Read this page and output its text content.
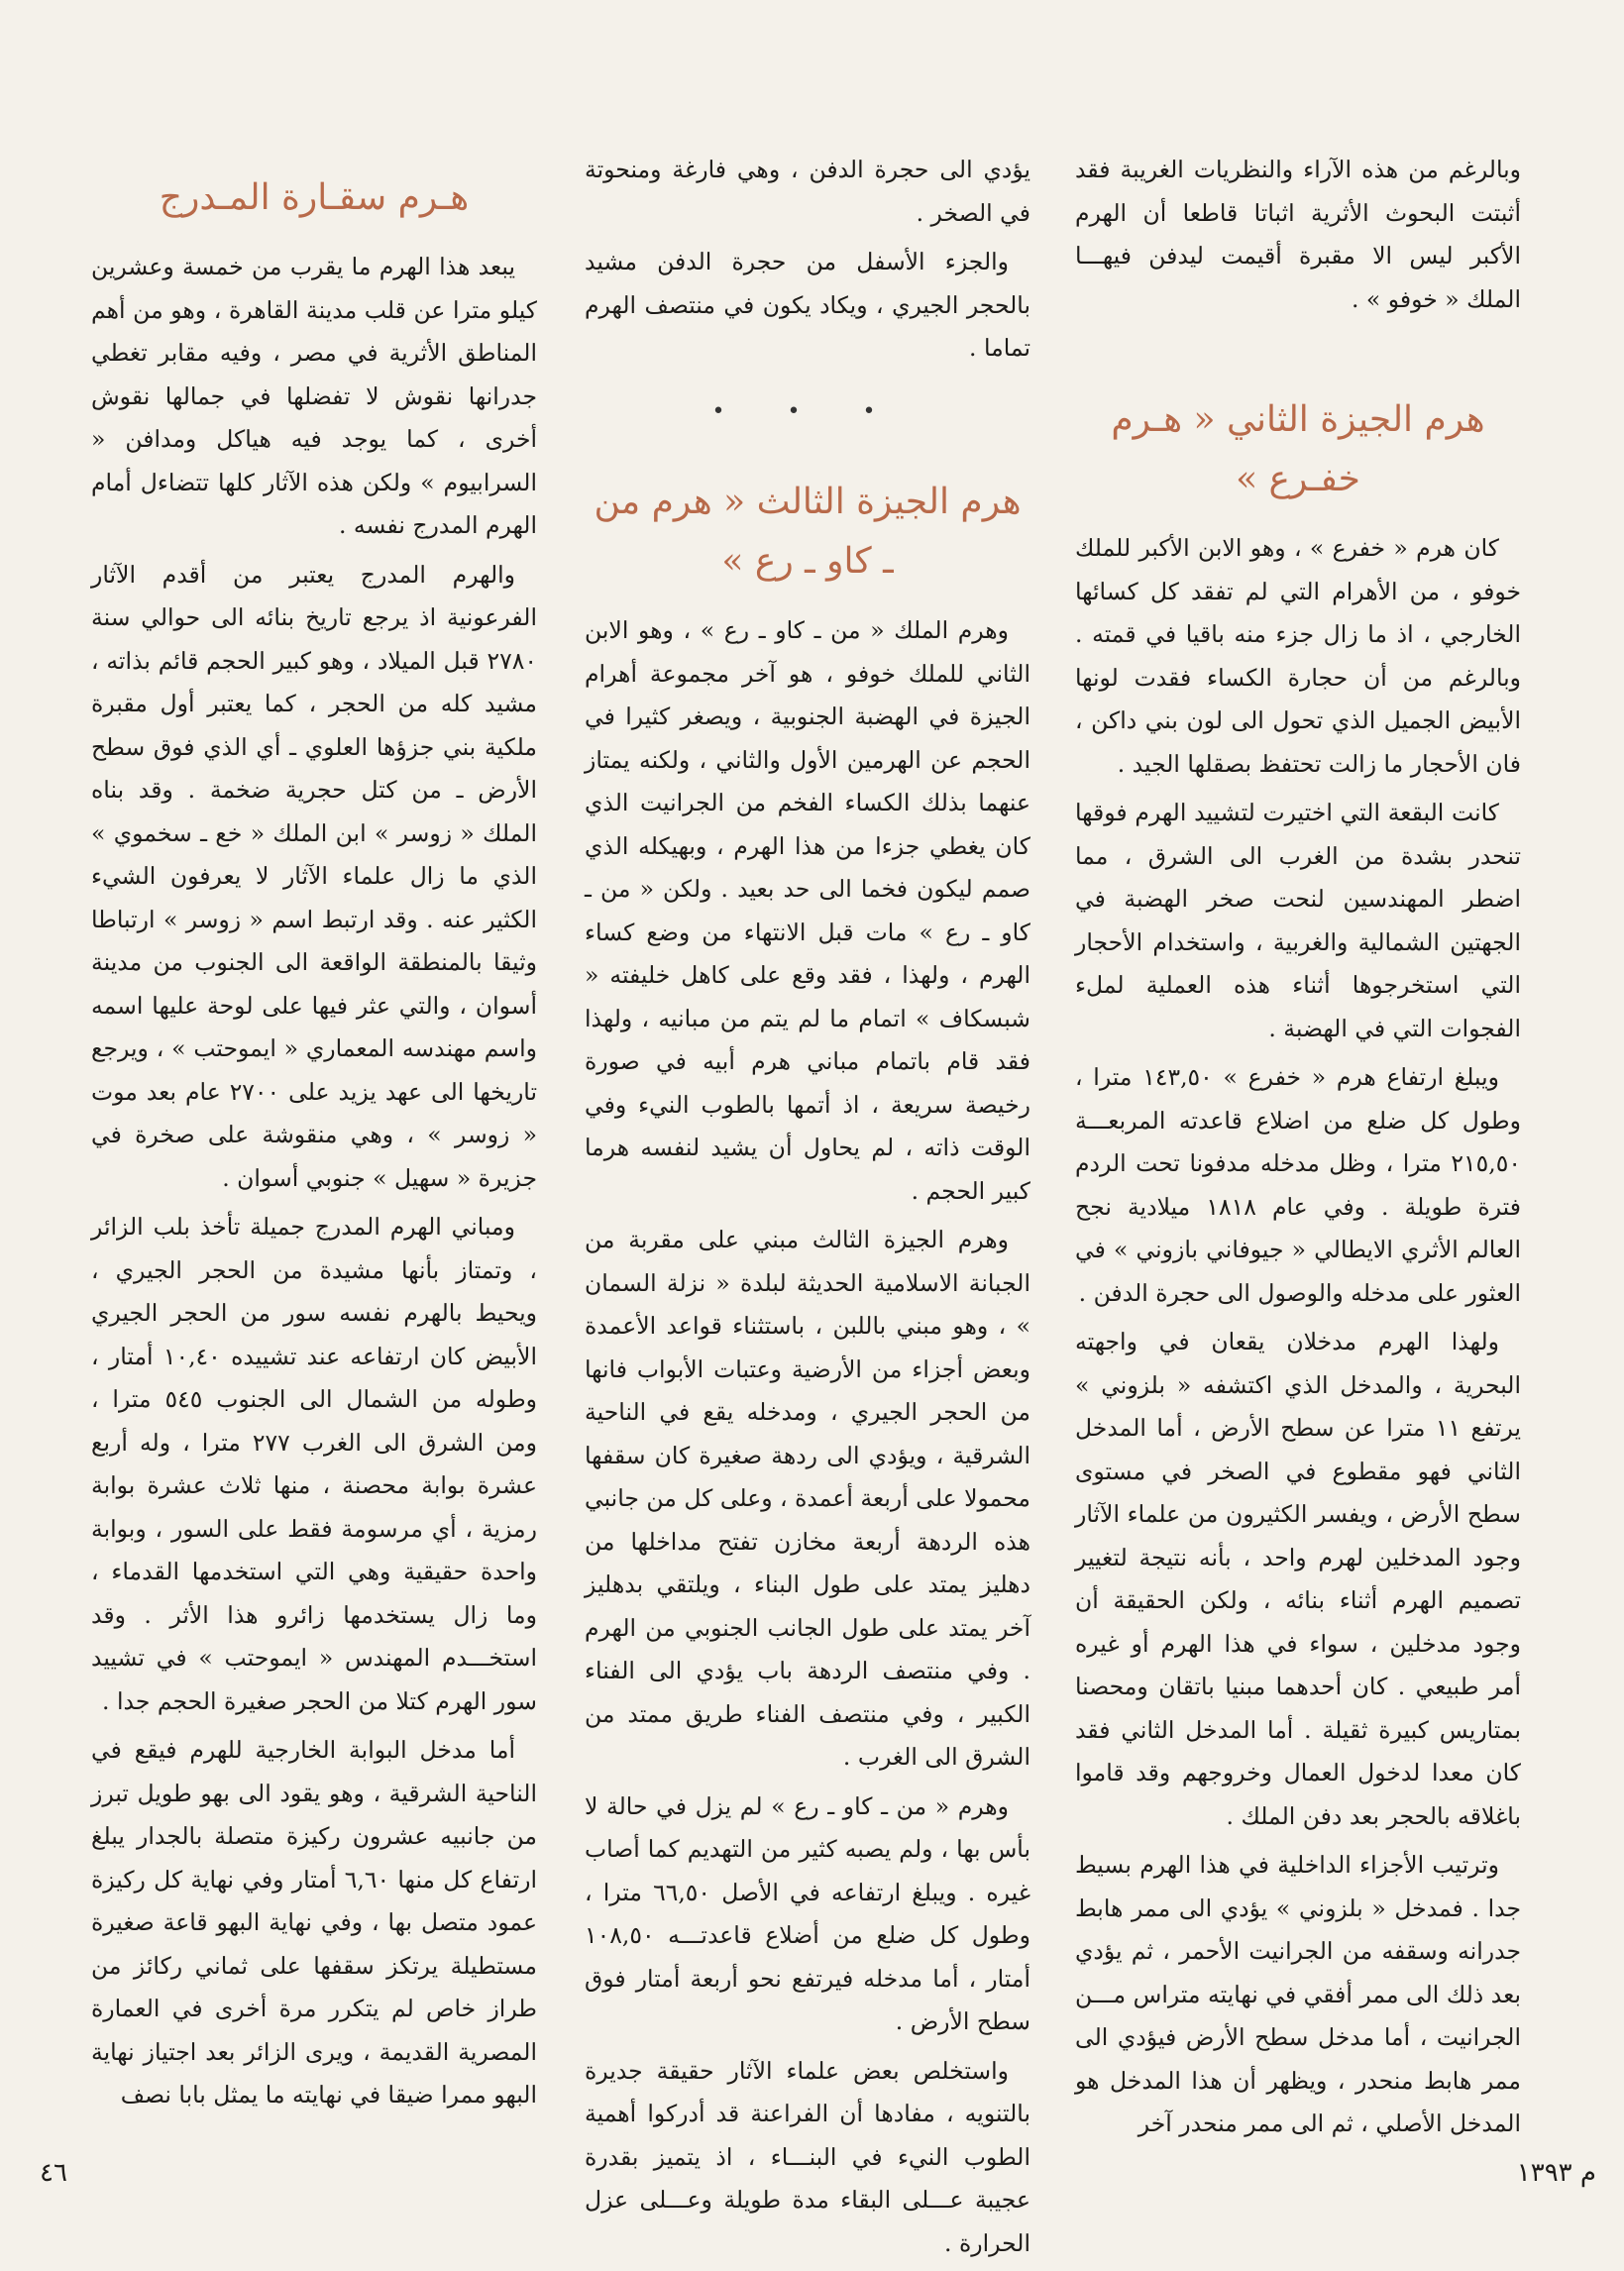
وبالرغم من هذه الآراء والنظريات الغريبة فقد أثبتت البحوث الأثرية اثباتا قاطعا أن الهرم الأكبر ليس الا مقبرة أقيمت ليدفن فيهـــا الملك « خوفو » .

هرم الجيزة الثاني « هـرم خفـرع »

كان هرم « خفرع » ، وهو الابن الأكبر للملك خوفو ، من الأهرام التي لم تفقد كل كسائها الخارجي ، اذ ما زال جزء منه باقيا في قمته . وبالرغم من أن حجارة الكساء فقدت لونها الأبيض الجميل الذي تحول الى لون بني داكن ، فان الأحجار ما زالت تحتفظ بصقلها الجيد .

كانت البقعة التي اختيرت لتشييد الهرم فوقها تنحدر بشدة من الغرب الى الشرق ، مما اضطر المهندسين لنحت صخر الهضبة في الجهتين الشمالية والغربية ، واستخدام الأحجار التي استخرجوها أثناء هذه العملية لملء الفجوات التي في الهضبة .

ويبلغ ارتفاع هرم « خفرع » ١٤٣,٥٠ مترا ، وطول كل ضلع من اضلاع قاعدته المربعـــة ٢١٥,٥٠ مترا ، وظل مدخله مدفونا تحت الردم فترة طويلة . وفي عام ١٨١٨ ميلادية نجح العالم الأثري الايطالي « جيوفاني بازوني » في العثور على مدخله والوصول الى حجرة الدفن .

ولهذا الهرم مدخلان يقعان في واجهته البحرية ، والمدخل الذي اكتشفه « بلزوني » يرتفع ١١ مترا عن سطح الأرض ، أما المدخل الثاني فهو مقطوع في الصخر في مستوى سطح الأرض ، ويفسر الكثيرون من علماء الآثار وجود المدخلين لهرم واحد ، بأنه نتيجة لتغيير تصميم الهرم أثناء بنائه ، ولكن الحقيقة أن وجود مدخلين ، سواء في هذا الهرم أو غيره أمر طبيعي . كان أحدهما مبنيا باتقان ومحصنا بمتاريس كبيرة ثقيلة . أما المدخل الثاني فقد كان معدا لدخول العمال وخروجهم وقد قاموا باغلاقه بالحجر بعد دفن الملك .

وترتيب الأجزاء الداخلية في هذا الهرم بسيط جدا . فمدخل « بلزوني » يؤدي الى ممر هابط جدرانه وسقفه من الجرانيت الأحمر ، ثم يؤدي بعد ذلك الى ممر أفقي في نهايته متراس مـــن الجرانيت ، أما مدخل سطح الأرض فيؤدي الى ممر هابط منحدر ، ويظهر أن هذا المدخل هو المدخل الأصلي ، ثم الى ممر منحدر آخر

يؤدي الى حجرة الدفن ، وهي فارغة ومنحوتة في الصخر .

والجزء الأسفل من حجرة الدفن مشيد بالحجر الجيري ، ويكاد يكون في منتصف الهرم تماما .

• • •
هرم الجيزة الثالث « هرم من ـ كاو ـ رع »

وهرم الملك « من ـ كاو ـ رع » ، وهو الابن الثاني للملك خوفو ، هو آخر مجموعة أهرام الجيزة في الهضبة الجنوبية ، ويصغر كثيرا في الحجم عن الهرمين الأول والثاني ، ولكنه يمتاز عنهما بذلك الكساء الفخم من الجرانيت الذي كان يغطي جزءا من هذا الهرم ، وبهيكله الذي صمم ليكون فخما الى حد بعيد . ولكن « من ـ كاو ـ رع » مات قبل الانتهاء من وضع كساء الهرم ، ولهذا ، فقد وقع على كاهل خليفته « شبسكاف » اتمام ما لم يتم من مبانيه ، ولهذا فقد قام باتمام مباني هرم أبيه في صورة رخيصة سريعة ، اذ أتمها بالطوب النيء وفي الوقت ذاته ، لم يحاول أن يشيد لنفسه هرما كبير الحجم .

وهرم الجيزة الثالث مبني على مقربة من الجبانة الاسلامية الحديثة لبلدة « نزلة السمان » ، وهو مبني باللبن ، باستثناء قواعد الأعمدة وبعض أجزاء من الأرضية وعتبات الأبواب فانها من الحجر الجيري ، ومدخله يقع في الناحية الشرقية ، ويؤدي الى ردهة صغيرة كان سقفها محمولا على أربعة أعمدة ، وعلى كل من جانبي هذه الردهة أربعة مخازن تفتح مداخلها من دهليز يمتد على طول البناء ، ويلتقي بدهليز آخر يمتد على طول الجانب الجنوبي من الهرم . وفي منتصف الردهة باب يؤدي الى الفناء الكبير ، وفي منتصف الفناء طريق ممتد من الشرق الى الغرب .

وهرم « من ـ كاو ـ رع » لم يزل في حالة لا بأس بها ، ولم يصبه كثير من التهديم كما أصاب غيره . ويبلغ ارتفاعه في الأصل ٦٦,٥٠ مترا ، وطول كل ضلع من أضلاع قاعدتـــه ١٠٨,٥٠ أمتار ، أما مدخله فيرتفع نحو أربعة أمتار فوق سطح الأرض .

واستخلص بعض علماء الآثار حقيقة جديرة بالتنويه ، مفادها أن الفراعنة قد أدركوا أهمية الطوب النيء في البنـــاء ، اذ يتميز بقدرة عجيبة عـــلى البقاء مدة طويلة وعـــلى عزل الحرارة .

هـرم سقـارة المـدرج

يبعد هذا الهرم ما يقرب من خمسة وعشرين كيلو مترا عن قلب مدينة القاهرة ، وهو من أهم المناطق الأثرية في مصر ، وفيه مقابر تغطي جدرانها نقوش لا تفضلها في جمالها نقوش أخرى ، كما يوجد فيه هياكل ومدافن « السرابيوم » ولكن هذه الآثار كلها تتضاءل أمام الهرم المدرج نفسه .

والهرم المدرج يعتبر من أقدم الآثار الفرعونية اذ يرجع تاريخ بنائه الى حوالي سنة ٢٧٨٠ قبل الميلاد ، وهو كبير الحجم قائم بذاته ، مشيد كله من الحجر ، كما يعتبر أول مقبرة ملكية بني جزؤها العلوي ـ أي الذي فوق سطح الأرض ـ من كتل حجرية ضخمة . وقد بناه الملك « زوسر » ابن الملك « خع ـ سخموي » الذي ما زال علماء الآثار لا يعرفون الشيء الكثير عنه . وقد ارتبط اسم « زوسر » ارتباطا وثيقا بالمنطقة الواقعة الى الجنوب من مدينة أسوان ، والتي عثر فيها على لوحة عليها اسمه واسم مهندسه المعماري « ايموحتب » ، ويرجع تاريخها الى عهد يزيد على ٢٧٠٠ عام بعد موت « زوسر » ، وهي منقوشة على صخرة في جزيرة « سهيل » جنوبي أسوان .

ومباني الهرم المدرج جميلة تأخذ بلب الزائر ، وتمتاز بأنها مشيدة من الحجر الجيري ، ويحيط بالهرم نفسه سور من الحجر الجيري الأبيض كان ارتفاعه عند تشييده ١٠,٤٠ أمتار ، وطوله من الشمال الى الجنوب ٥٤٥ مترا ، ومن الشرق الى الغرب ٢٧٧ مترا ، وله أربع عشرة بوابة محصنة ، منها ثلاث عشرة بوابة رمزية ، أي مرسومة فقط على السور ، وبوابة واحدة حقيقية وهي التي استخدمها القدماء ، وما زال يستخدمها زائرو هذا الأثر . وقد استخـــدم المهندس « ايموحتب » في تشييد سور الهرم كتلا من الحجر صغيرة الحجم جدا .

أما مدخل البوابة الخارجية للهرم فيقع في الناحية الشرقية ، وهو يقود الى بهو طويل تبرز من جانبيه عشرون ركيزة متصلة بالجدار يبلغ ارتفاع كل منها ٦,٦٠ أمتار وفي نهاية كل ركيزة عمود متصل بها ، وفي نهاية البهو قاعة صغيرة مستطيلة يرتكز سقفها على ثماني ركائز من طراز خاص لم يتكرر مرة أخرى في العمارة المصرية القديمة ، ويرى الزائر بعد اجتياز نهاية البهو ممرا ضيقا في نهايته ما يمثل بابا نصف

٤٦	م ١٣٩٣
